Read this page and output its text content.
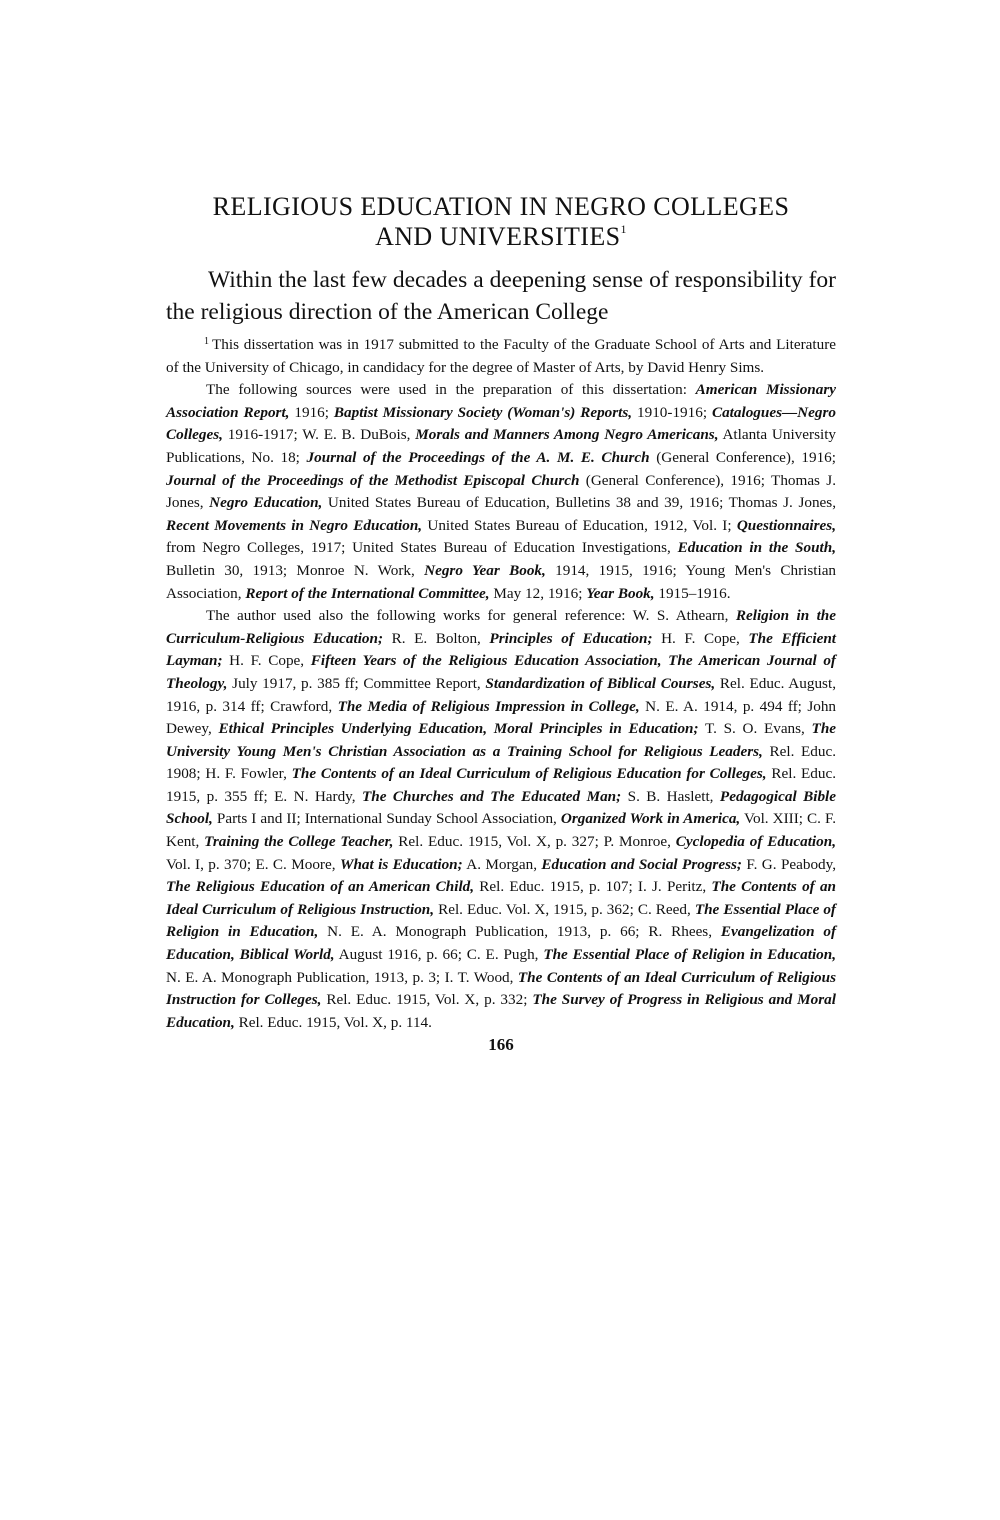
RELIGIOUS EDUCATION IN NEGRO COLLEGES
AND UNIVERSITIES$^1$

Within the last few decades a deepening sense of responsibility for the religious direction of the American College

$^1$ This dissertation was in 1917 submitted to the Faculty of the Graduate School of Arts and Literature of the University of Chicago, in candidacy for the degree of Master of Arts, by David Henry Sims.

The following sources were used in the preparation of this dissertation: American Missionary Association Report, 1916; Baptist Missionary Society (Woman's) Reports, 1910-1916; Catalogues—Negro Colleges, 1916-1917; W. E. B. DuBois, Morals and Manners Among Negro Americans, Atlanta University Publications, No. 18; Journal of the Proceedings of the A. M. E. Church (General Conference), 1916; Journal of the Proceedings of the Methodist Episcopal Church (General Conference), 1916; Thomas J. Jones, Negro Education, United States Bureau of Education, Bulletins 38 and 39, 1916; Thomas J. Jones, Recent Movements in Negro Education, United States Bureau of Education, 1912, Vol. I; Questionnaires, from Negro Colleges, 1917; United States Bureau of Education Investigations, Education in the South, Bulletin 30, 1913; Monroe N. Work, Negro Year Book, 1914, 1915, 1916; Young Men's Christian Association, Report of the International Committee, May 12, 1916; Year Book, 1915–1916.

The author used also the following works for general reference: W. S. Athearn, Religion in the Curriculum-Religious Education; R. E. Bolton, Principles of Education; H. F. Cope, The Efficient Layman; H. F. Cope, Fifteen Years of the Religious Education Association, The American Journal of Theology, July 1917, p. 385 ff; Committee Report, Standardization of Biblical Courses, Rel. Educ. August, 1916, p. 314 ff; Crawford, The Media of Religious Impression in College, N. E. A. 1914, p. 494 ff; John Dewey, Ethical Principles Underlying Education, Moral Principles in Education; T. S. O. Evans, The University Young Men's Christian Association as a Training School for Religious Leaders, Rel. Educ. 1908; H. F. Fowler, The Contents of an Ideal Curriculum of Religious Education for Colleges, Rel. Educ. 1915, p. 355 ff; E. N. Hardy, The Churches and The Educated Man; S. B. Haslett, Pedagogical Bible School, Parts I and II; International Sunday School Association, Organized Work in America, Vol. XIII; C. F. Kent, Training the College Teacher, Rel. Educ. 1915, Vol. X, p. 327; P. Monroe, Cyclopedia of Education, Vol. I, p. 370; E. C. Moore, What is Education; A. Morgan, Education and Social Progress; F. G. Peabody, The Religious Education of an American Child, Rel. Educ. 1915, p. 107; I. J. Peritz, The Contents of an Ideal Curriculum of Religious Instruction, Rel. Educ. Vol. X, 1915, p. 362; C. Reed, The Essential Place of Religion in Education, N. E. A. Monograph Publication, 1913, p. 66; R. Rhees, Evangelization of Education, Biblical World, August 1916, p. 66; C. E. Pugh, The Essential Place of Religion in Education, N. E. A. Monograph Publication, 1913, p. 3; I. T. Wood, The Contents of an Ideal Curriculum of Religious Instruction for Colleges, Rel. Educ. 1915, Vol. X, p. 332; The Survey of Progress in Religious and Moral Education, Rel. Educ. 1915, Vol. X, p. 114.

166
